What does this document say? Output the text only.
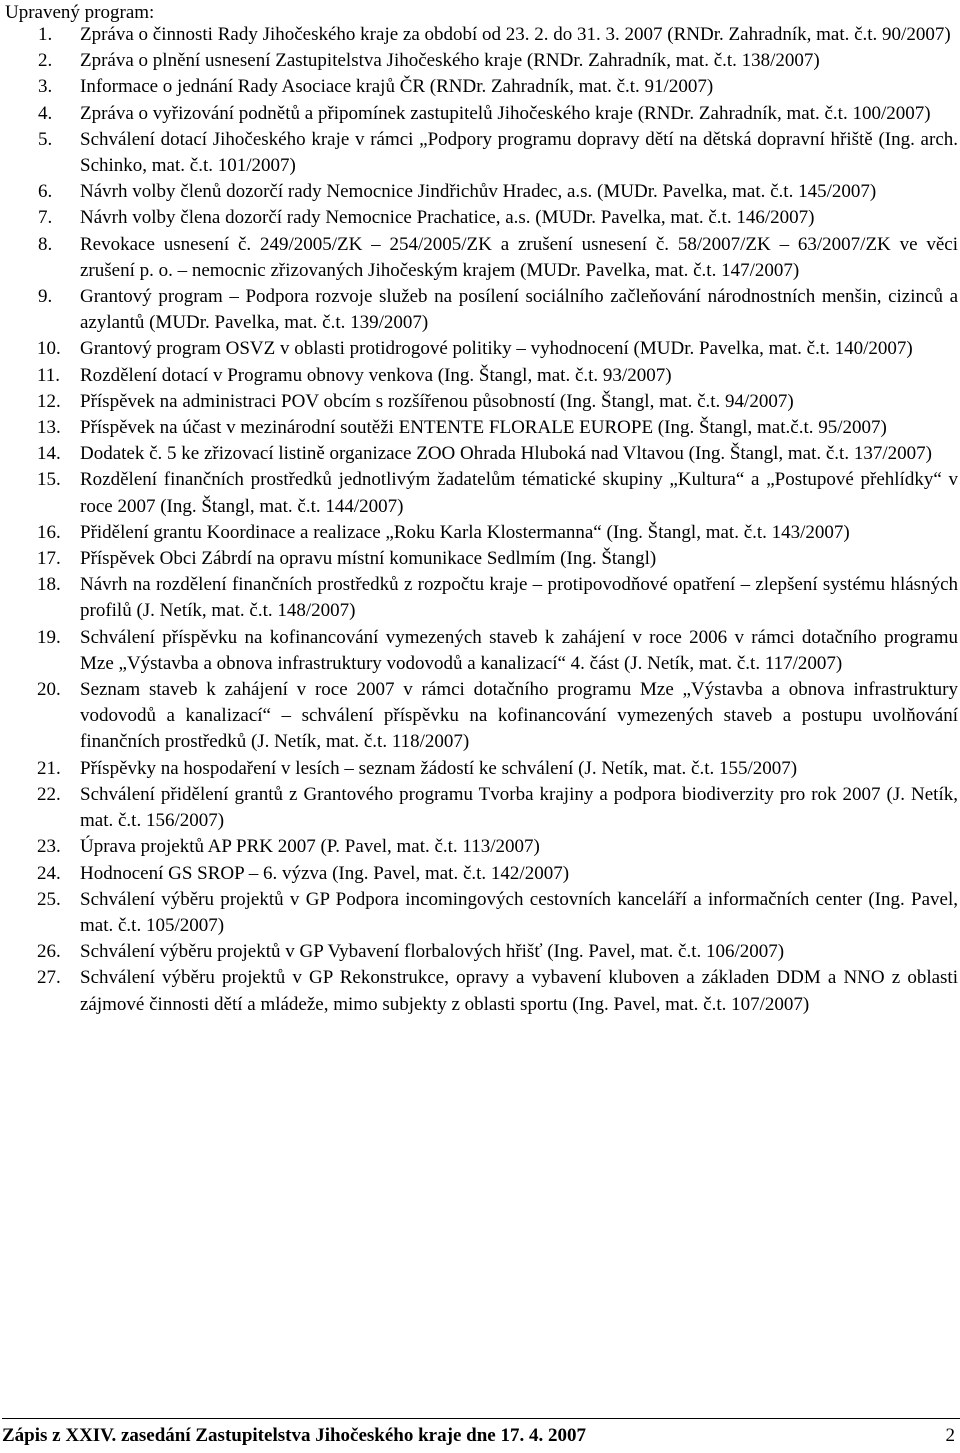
Upravený program:
1. Zpráva o činnosti Rady Jihočeského kraje za období od 23. 2. do 31. 3. 2007 (RNDr. Zahradník, mat. č.t. 90/2007)
2. Zpráva o plnění usnesení Zastupitelstva Jihočeského kraje (RNDr. Zahradník, mat. č.t. 138/2007)
3. Informace o jednání Rady Asociace krajů ČR (RNDr. Zahradník, mat. č.t. 91/2007)
4. Zpráva o vyřizování podnětů a připomínek zastupitelů Jihočeského kraje (RNDr. Zahradník, mat. č.t. 100/2007)
5. Schválení dotací Jihočeského kraje v rámci „Podpory programu dopravy dětí na dětská dopravní hřiště (Ing. arch. Schinko, mat. č.t. 101/2007)
6. Návrh volby členů dozorčí rady Nemocnice Jindřichův Hradec, a.s. (MUDr. Pavelka, mat. č.t. 145/2007)
7. Návrh volby člena dozorčí rady Nemocnice Prachatice, a.s. (MUDr. Pavelka, mat. č.t. 146/2007)
8. Revokace usnesení č. 249/2005/ZK – 254/2005/ZK a zrušení usnesení č. 58/2007/ZK – 63/2007/ZK ve věci zrušení p. o. – nemocnic zřizovaných Jihočeským krajem (MUDr. Pavelka, mat. č.t. 147/2007)
9. Grantový program – Podpora rozvoje služeb na posílení sociálního začleňování národnostních menšin, cizinců a azylantů (MUDr. Pavelka, mat. č.t. 139/2007)
10. Grantový program OSVZ v oblasti protidrogové politiky – vyhodnocení (MUDr. Pavelka, mat. č.t. 140/2007)
11. Rozdělení dotací v Programu obnovy venkova (Ing. Štangl, mat. č.t. 93/2007)
12. Příspěvek na administraci POV obcím s rozšířenou působností (Ing. Štangl, mat. č.t. 94/2007)
13. Příspěvek na účast v mezinárodní soutěži ENTENTE FLORALE EUROPE (Ing. Štangl, mat.č.t. 95/2007)
14. Dodatek č. 5 ke zřizovací listině organizace ZOO Ohrada Hluboká nad Vltavou (Ing. Štangl, mat. č.t. 137/2007)
15. Rozdělení finančních prostředků jednotlivým žadatelům tématické skupiny „Kultura“ a „Postupové přehlídky“ v roce 2007 (Ing. Štangl, mat. č.t. 144/2007)
16. Přidělení grantu Koordinace a realizace „Roku Karla Klostermanna“ (Ing. Štangl, mat. č.t. 143/2007)
17. Příspěvek Obci Zábrdí na opravu místní komunikace Sedlmím (Ing. Štangl)
18. Návrh na rozdělení finančních prostředků z rozpočtu kraje – protipovodňové opatření – zlepšení systému hlásných profilů (J. Netík, mat. č.t. 148/2007)
19. Schválení příspěvku na kofinancování vymezených staveb k zahájení v roce 2006 v rámci dotačního programu Mze „Výstavba a obnova infrastruktury vodovodů a kanalizací“ 4. část (J. Netík, mat. č.t. 117/2007)
20. Seznam staveb k zahájení v roce 2007 v rámci dotačního programu Mze „Výstavba a obnova infrastruktury vodovodů a kanalizací“ – schválení příspěvku na kofinancování vymezených staveb a postupu uvolňování finančních prostředků (J. Netík, mat. č.t. 118/2007)
21. Příspěvky na hospodaření v lesích – seznam žádostí ke schválení (J. Netík, mat. č.t. 155/2007)
22. Schválení přidělení grantů z Grantového programu Tvorba krajiny a podpora biodiverzity pro rok 2007 (J. Netík, mat. č.t. 156/2007)
23. Úprava projektů AP PRK 2007 (P. Pavel, mat. č.t. 113/2007)
24. Hodnocení GS SROP – 6. výzva (Ing. Pavel, mat. č.t. 142/2007)
25. Schválení výběru projektů v GP Podpora incomingových cestovních kanceláří a informačních center (Ing. Pavel, mat. č.t. 105/2007)
26. Schválení výběru projektů v GP Vybavení florbalových hřišť (Ing. Pavel, mat. č.t. 106/2007)
27. Schválení výběru projektů v GP Rekonstrukce, opravy a vybavení kluboven a základen DDM a NNO z oblasti zájmové činnosti dětí a mládeže, mimo subjekty z oblasti sportu (Ing. Pavel, mat. č.t. 107/2007)
Zápis z XXIV. zasedání Zastupitelstva Jihočeského kraje dne 17. 4. 2007	2
